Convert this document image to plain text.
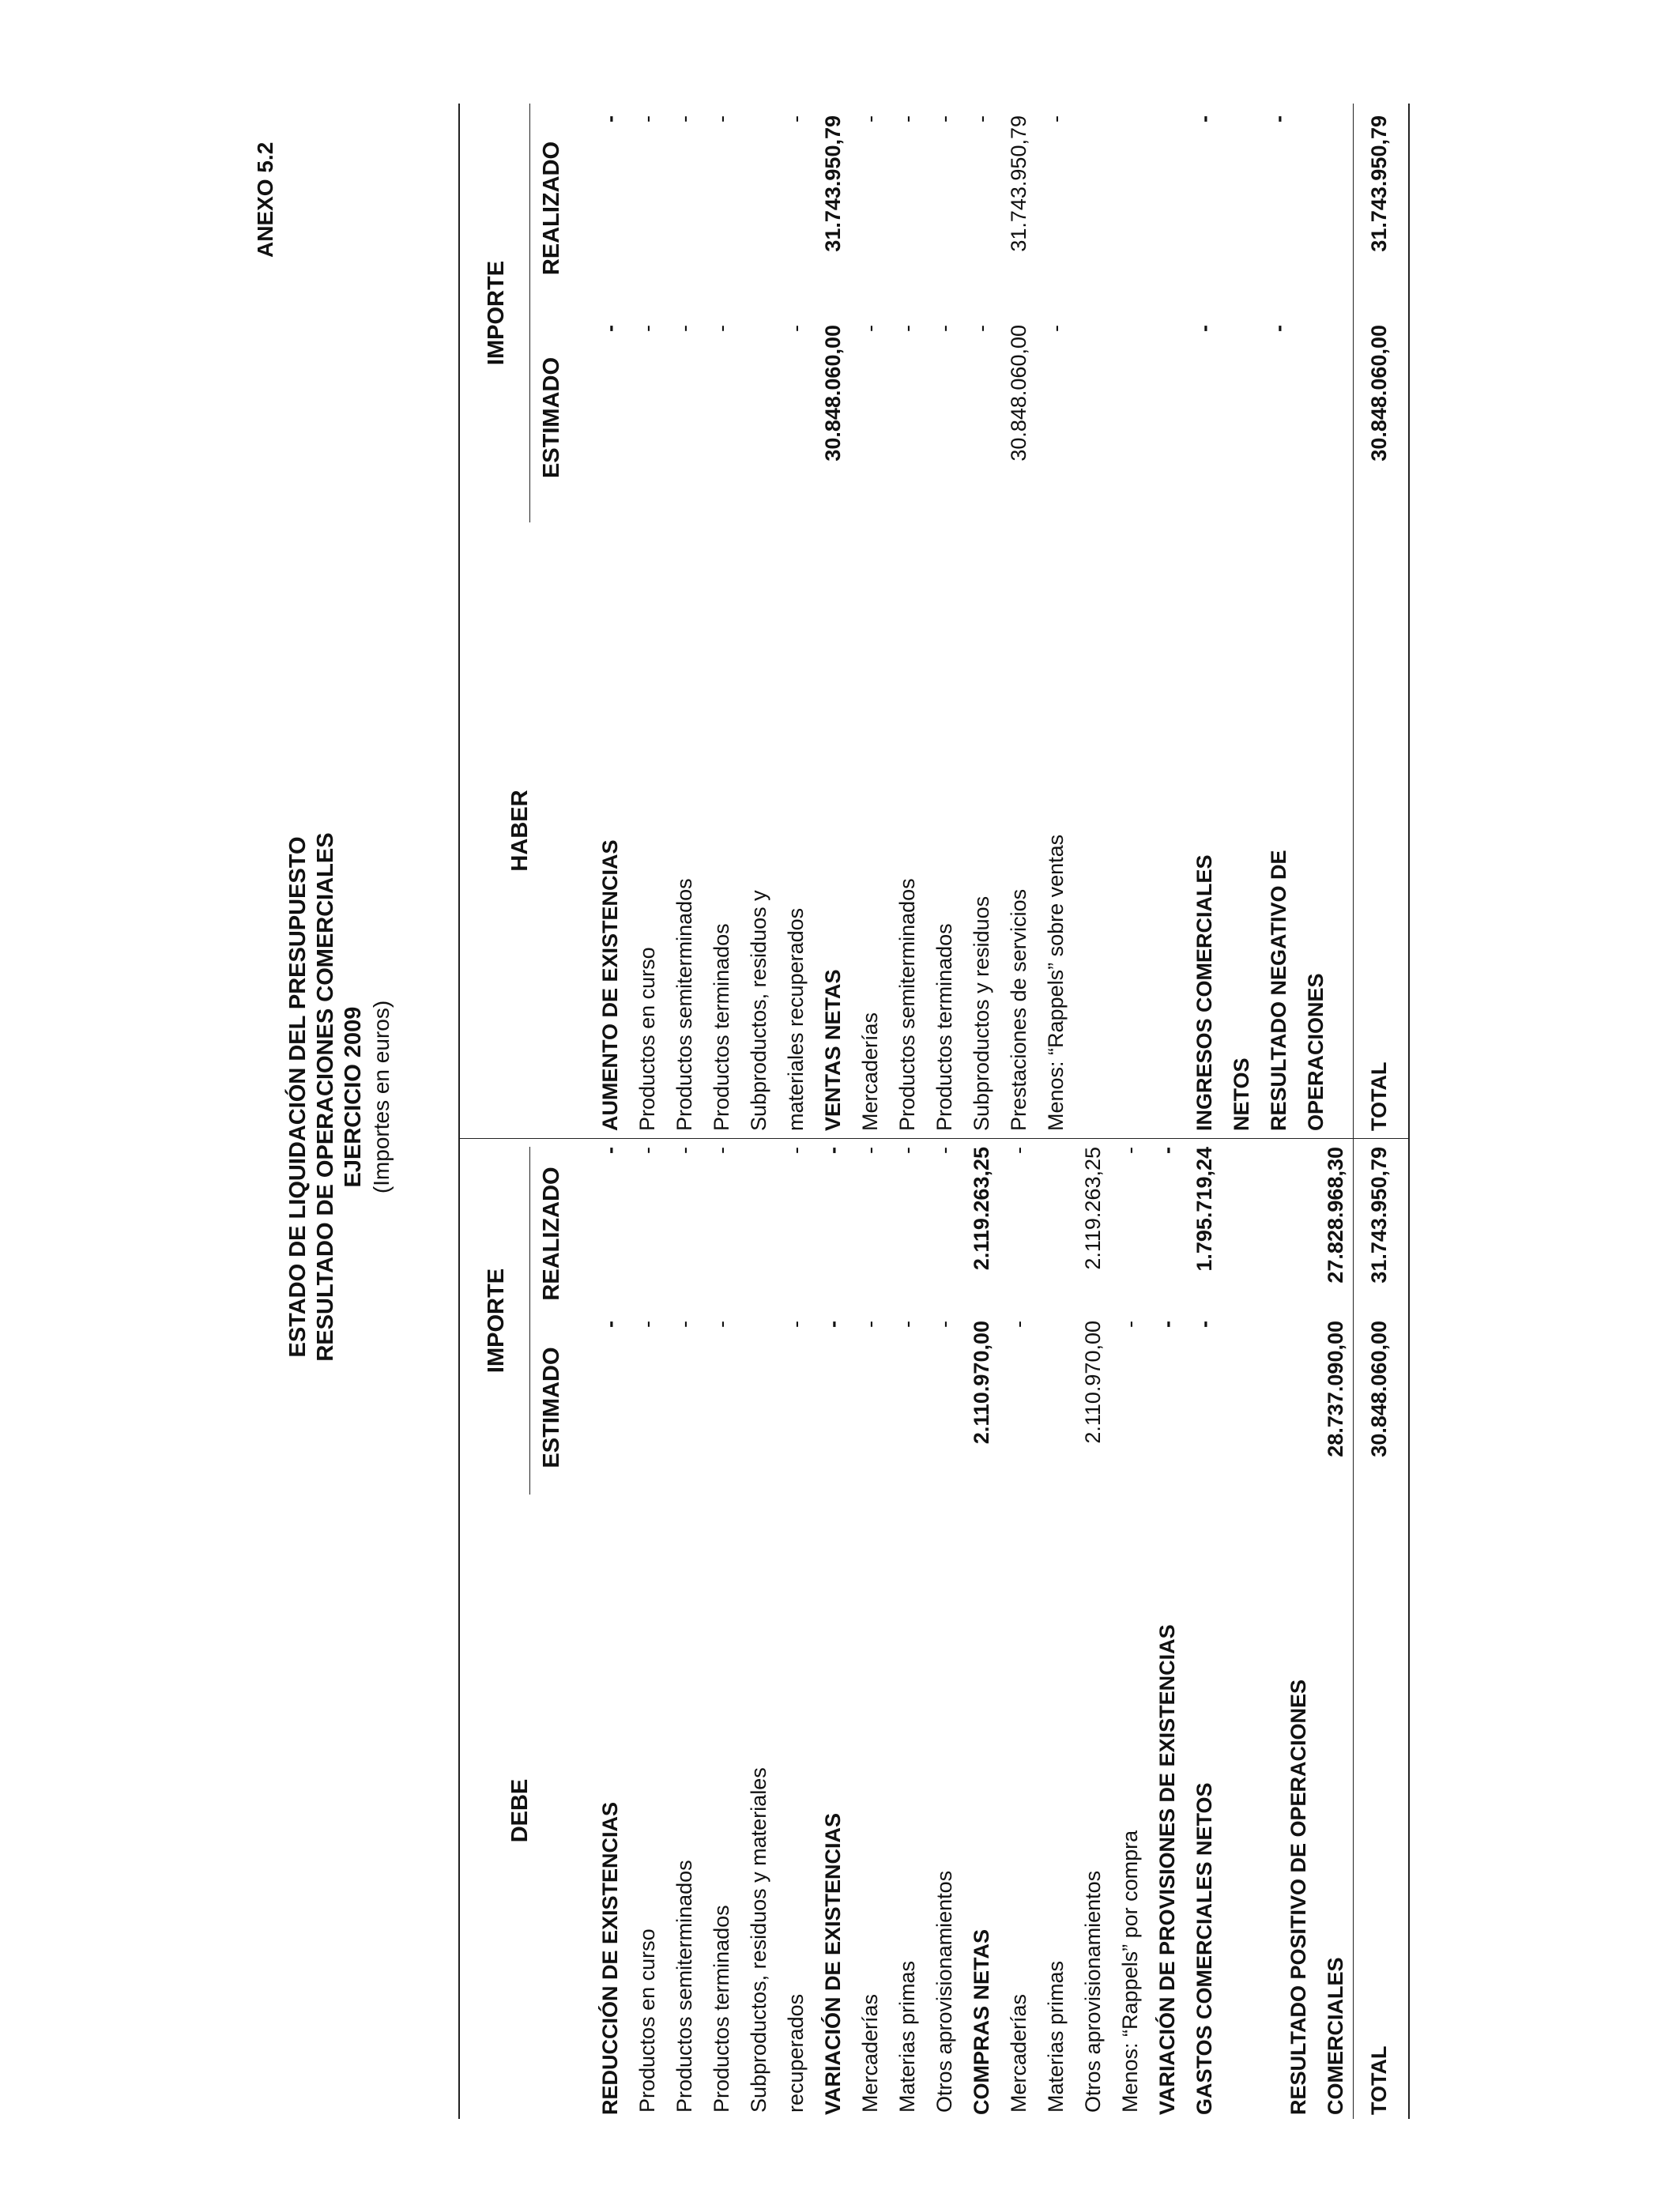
ANEXO 5.2
ESTADO DE LIQUIDACIÓN DEL PRESUPUESTO RESULTADO DE OPERACIONES COMERCIALES EJERCICIO 2009 (Importes en euros)
DEBE
IMPORTE
ESTIMADO
REALIZADO
HABER
IMPORTE
ESTIMADO
REALIZADO
REDUCCIÓN DE EXISTENCIAS
-
-
Productos en curso
-
-
Productos semiterminados
-
-
Productos terminados
-
-
Subproductos, residuos y materiales recuperados
-
-
VARIACIÓN DE EXISTENCIAS
-
-
Mercaderías
-
-
Materias primas
-
-
Otros aprovisionamientos
-
-
COMPRAS NETAS
2.110.970,00
2.119.263,25
Mercaderías
-
-
Materias primas Otros aprovisionamientos
2.110.970,00
2.119.263,25
Menos: “Rappels” por compra
-
-
VARIACIÓN DE PROVISIONES DE EXISTENCIAS
-
-
GASTOS COMERCIALES NETOS
-
1.795.719,24
RESULTADO POSITIVO DE OPERACIONES COMERCIALES
28.737.090,00
27.828.968,30
AUMENTO DE EXISTENCIAS
-
-
Productos en curso
-
-
Productos semiterminados
-
-
Productos terminados
-
-
Subproductos, residuos y materiales recuperados
-
-
VENTAS NETAS
30.848.060,00
31.743.950,79
Mercaderías
-
-
Productos semiterminados
-
-
Productos terminados
-
-
Subproductos y residuos
-
-
Prestaciones de servicios
30.848.060,00
31.743.950,79
Menos: “Rappels” sobre ventas
-
-
INGRESOS COMERCIALES
-
-
NETOS RESULTADO NEGATIVO DE
-
-
OPERACIONES
TOTAL
30.848.060,00
31.743.950,79
TOTAL
30.848.060,00
31.743.950,79
